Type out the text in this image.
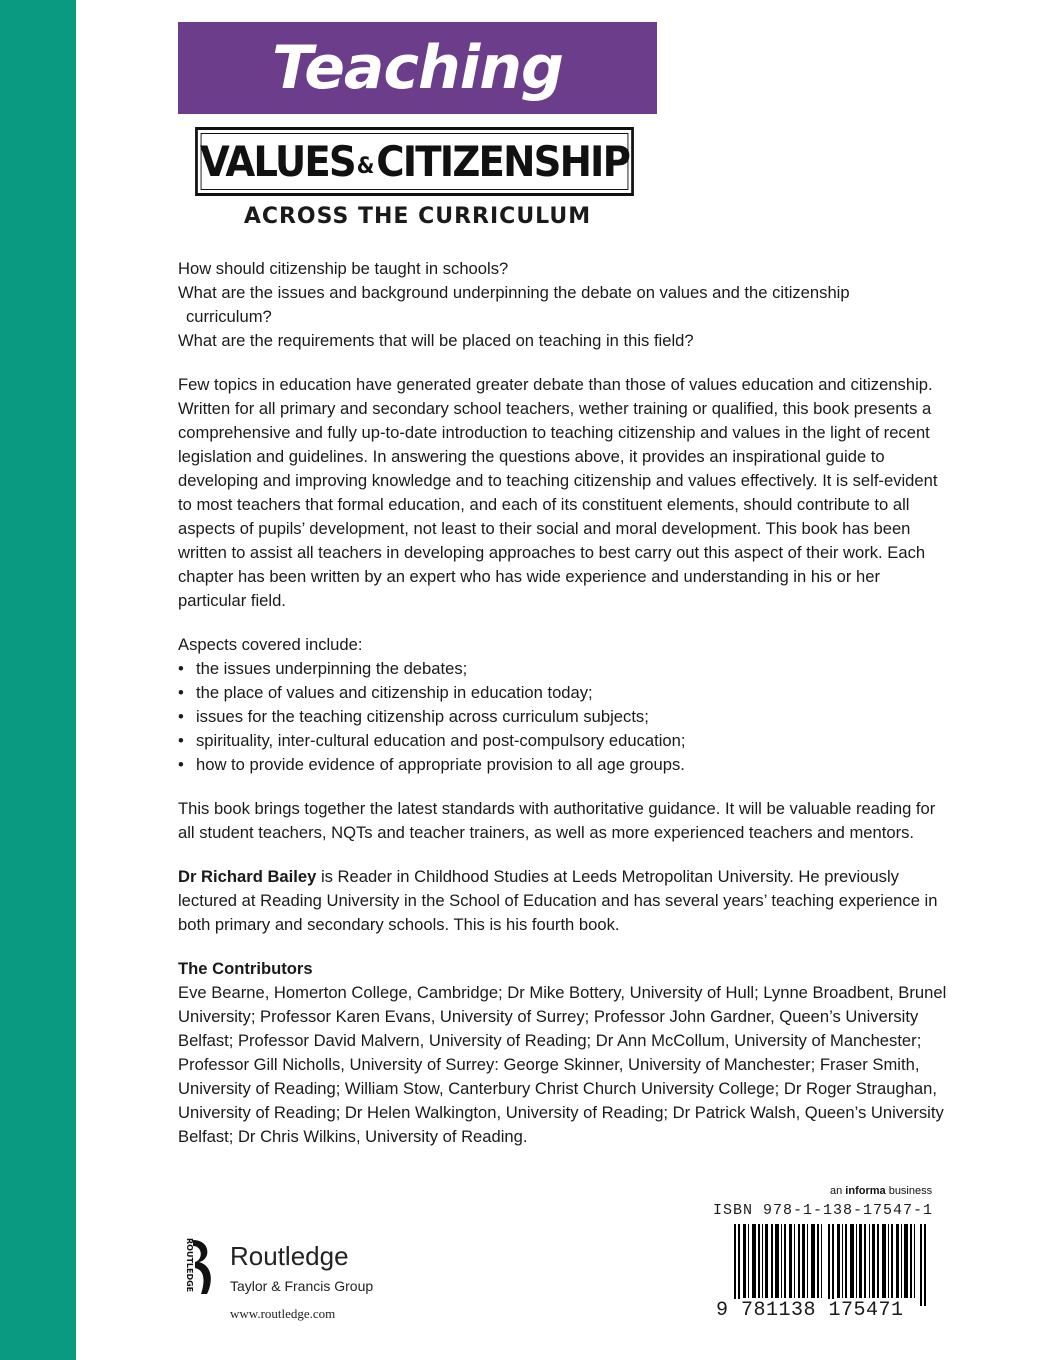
Teaching
VALUES & CITIZENSHIP
ACROSS THE CURRICULUM
How should citizenship be taught in schools?
What are the issues and background underpinning the debate on values and the citizenship
curriculum?
What are the requirements that will be placed on teaching in this field?

Few topics in education have generated greater debate than those of values education and citizenship. Written for all primary and secondary school teachers, wether training or qualified, this book presents a comprehensive and fully up-to-date introduction to teaching citizenship and values in the light of recent legislation and guidelines. In answering the questions above, it provides an inspirational guide to developing and improving knowledge and to teaching citizenship and values effectively. It is self-evident to most teachers that formal education, and each of its constituent elements, should contribute to all aspects of pupils’ development, not least to their social and moral development. This book has been written to assist all teachers in developing approaches to best carry out this aspect of their work. Each chapter has been written by an expert who has wide experience and understanding in his or her particular field.

Aspects covered include:

• the issues underpinning the debates;
• the place of values and citizenship in education today;
• issues for the teaching citizenship across curriculum subjects;
• spirituality, inter-cultural education and post-compulsory education;
• how to provide evidence of appropriate provision to all age groups.

This book brings together the latest standards with authoritative guidance. It will be valuable reading for all student teachers, NQTs and teacher trainers, as well as more experienced teachers and mentors.

Dr Richard Bailey is Reader in Childhood Studies at Leeds Metropolitan University. He previously lectured at Reading University in the School of Education and has several years’ teaching experience in both primary and secondary schools. This is his fourth book.

The Contributors

Eve Bearne, Homerton College, Cambridge; Dr Mike Bottery, University of Hull; Lynne Broadbent, Brunel University; Professor Karen Evans, University of Surrey; Professor John Gardner, Queen’s University Belfast; Professor David Malvern, University of Reading; Dr Ann McCollum, University of Manchester; Professor Gill Nicholls, University of Surrey: George Skinner, University of Manchester; Fraser Smith, University of Reading; William Stow, Canterbury Christ Church University College; Dr Roger Straughan, University of Reading; Dr Helen Walkington, University of Reading; Dr Patrick Walsh, Queen’s University Belfast; Dr Chris Wilkins, University of Reading.

an informa business
ISBN 978-1-138-17547-1
9 781138 175471
ROUTLEDGE Routledge
Taylor & Francis Group
www.routledge.com
